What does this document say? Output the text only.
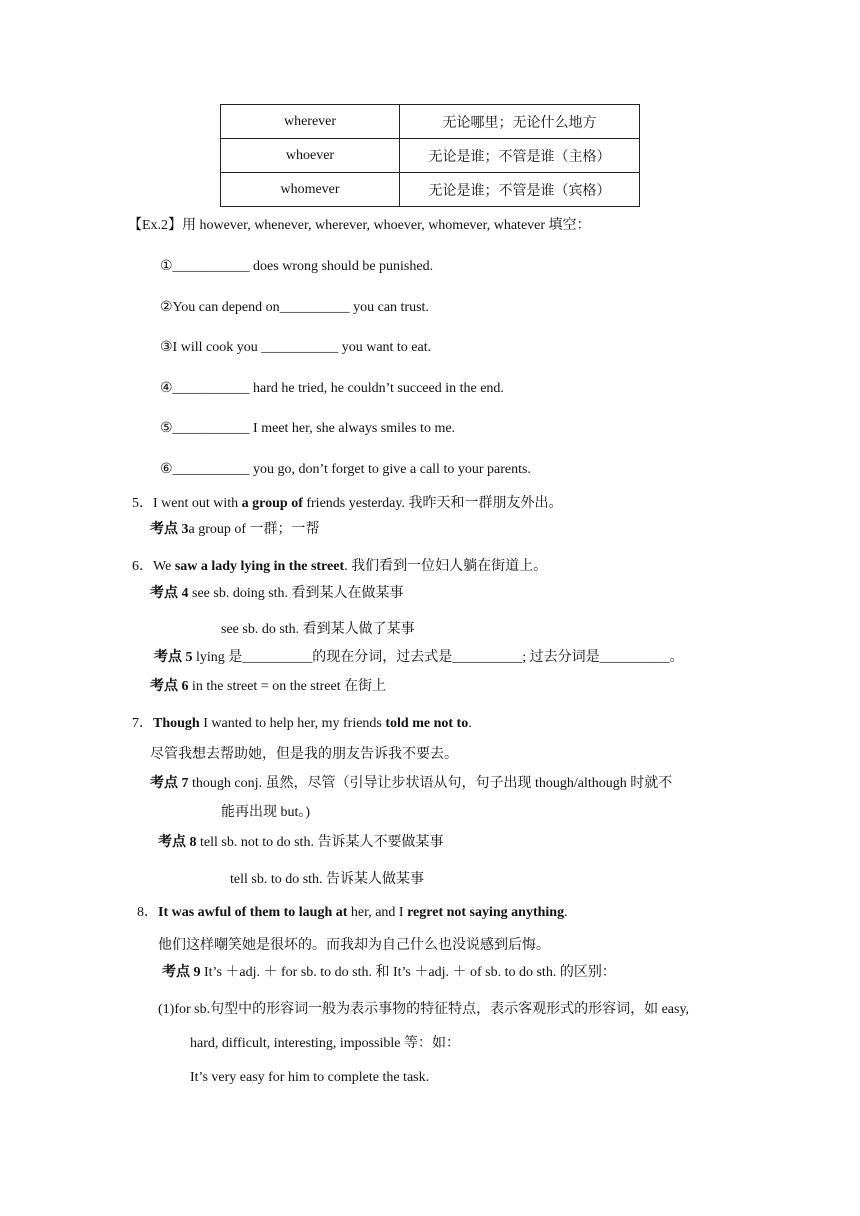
wherever	无论哪里；无论什么地方
whoever	无论是谁；不管是谁（主格）
whomever	无论是谁；不管是谁（宾格）
【Ex.2】用 however, whenever, wherever, whoever, whomever, whatever 填空：
①___________ does wrong should be punished.
②You can depend on__________ you can trust.
③I will cook you ___________ you want to eat.
④___________ hard he tried, he couldn’t succeed in the end.
⑤___________ I meet her, she always smiles to me.
⑥___________ you go, don’t forget to give a call to your parents.
5．I went out with a group of friends yesterday. 我昨天和一群朋友外出。
考点 3a group of 一群；一帮
6．We saw a lady lying in the street. 我们看到一位妇人躺在街道上。
考点 4 see sb. doing sth. 看到某人在做某事
see sb. do sth. 看到某人做了某事
考点 5 lying 是__________的现在分词，过去式是__________; 过去分词是__________。
考点 6 in the street = on the street 在街上
7．Though I wanted to help her, my friends told me not to.
尽管我想去帮助她，但是我的朋友告诉我不要去。
考点 7 though conj. 虽然，尽管（引导让步状语从句，句子出现 though/although 时就不
能再出现 but。)
考点 8 tell sb. not to do sth. 告诉某人不要做某事
tell sb. to do sth. 告诉某人做某事
8．It was awful of them to laugh at her, and I regret not saying anything.
他们这样嘲笑她是很坏的。而我却为自己什么也没说感到后悔。
考点 9 It’s ＋adj. ＋ for sb. to do sth. 和 It’s ＋adj. ＋ of sb. to do sth. 的区别：
(1)for sb.句型中的形容词一般为表示事物的特征特点，表示客观形式的形容词，如 easy,
hard, difficult, interesting, impossible 等：如：
It’s very easy for him to complete the task.
